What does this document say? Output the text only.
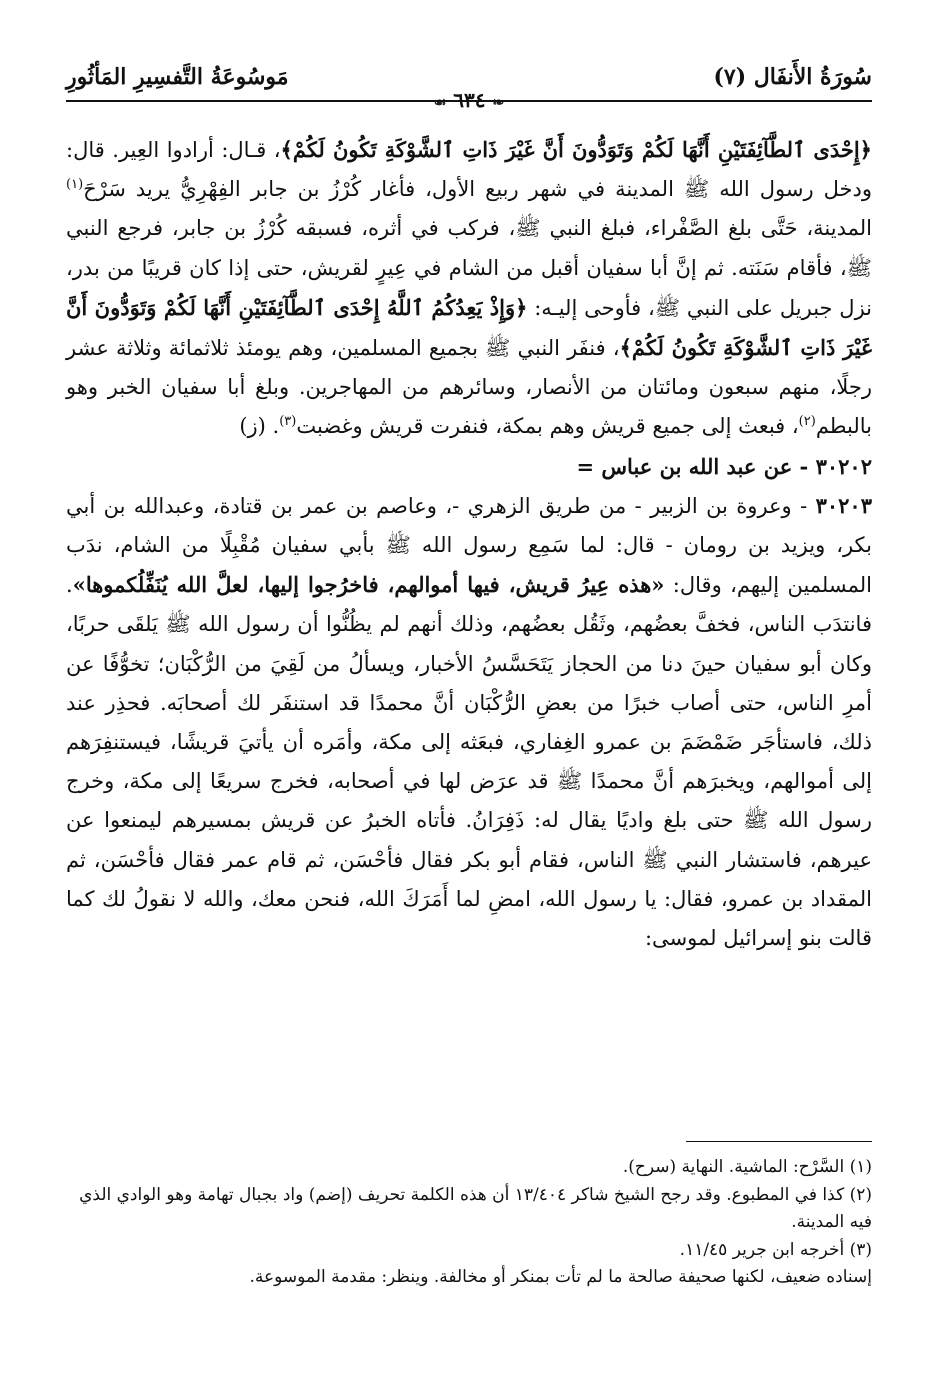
سُورَةُ الأَنفَال (٧)
مَوسُوعَةُ التَّفسِيرِ المَأثُورِ
❧ ٦٣٤ ☙

﴿إِحْدَى ٱلطَّآئِفَتَيْنِ أَنَّهَا لَكُمْ وَتَوَدُّونَ أَنَّ غَيْرَ ذَاتِ ٱلشَّوْكَةِ تَكُونُ لَكُمْ﴾، قـال: أرادوا العِير. قال: ودخل رسول الله ﷺ المدينة في شهر ربيع الأول، فأغار كُرْزُ بن جابر الفِهْرِيُّ يريد سَرْحَ$^{(١)}$ المدينة، حَتَّى بلغ الصَّفْراء، فبلغ النبي ﷺ، فركب في أثره، فسبقه كُرْزُ بن جابر، فرجع النبي ﷺ، فأقام سَنَته. ثم إنَّ أبا سفيان أقبل من الشام في عِيرٍ لقريش، حتى إذا كان قريبًا من بدر، نزل جبريل على النبي ﷺ، فأوحى إليـه: ﴿وَإِذْ يَعِدُكُمُ ٱللَّهُ إِحْدَى ٱلطَّآئِفَتَيْنِ أَنَّهَا لَكُمْ وَتَوَدُّونَ أَنَّ غَيْرَ ذَاتِ ٱلشَّوْكَةِ تَكُونُ لَكُمْ﴾، فنفَر النبي ﷺ بجميع المسلمين، وهم يومئذ ثلاثمائة وثلاثة عشر رجلًا، منهم سبعون ومائتان من الأنصار، وسائرهم من المهاجرين. وبلغ أبا سفيان الخبر وهو بالبطم$^{(٢)}$، فبعث إلى جميع قريش وهم بمكة، فنفرت قريش وغضبت$^{(٣)}$. (ز)

٣٠٢٠٢ - عن عبد الله بن عباس =

٣٠٢٠٣ - وعروة بن الزبير - من طريق الزهري -، وعاصم بن عمر بن قتادة، وعبدالله بن أبي بكر، ويزيد بن رومان - قال: لما سَمِع رسول الله ﷺ بأبي سفيان مُقْبِلًا من الشام، ندَب المسلمين إليهم، وقال: «هذه عِيرُ قريش، فيها أموالهم، فاخرُجوا إليها، لعلَّ الله يُنَفِّلُكموها». فانتدَب الناس، فخفَّ بعضُهم، وثَقُل بعضُهم، وذلك أنهم لم يظُنُّوا أن رسول الله ﷺ يَلقَى حربًا، وكان أبو سفيان حينَ دنا من الحجاز يَتَحَسَّسُ الأخبار، ويسألُ من لَقِيَ من الرُّكْبَان؛ تخوُّفًا عن أمرِ الناس، حتى أصاب خبرًا من بعضِ الرُّكْبَان أنَّ محمدًا قد استنفَر لك أصحابَه. فحذِر عند ذلك، فاستأجَر ضَمْضَمَ بن عمرو الغِفاري، فبعَثه إلى مكة، وأمَره أن يأتيَ قريشًا، فيستنفِرَهم إلى أموالهم، ويخبرَهم أنَّ محمدًا ﷺ قد عرَض لها في أصحابه، فخرج سريعًا إلى مكة، وخرج رسول الله ﷺ حتى بلغ واديًا يقال له: ذَفِرَانُ. فأتاه الخبرُ عن قريش بمسيرهم ليمنعوا عن عيرهم، فاستشار النبي ﷺ الناس، فقام أبو بكر فقال فأحْسَن، ثم قام عمر فقال فأحْسَن، ثم المقداد بن عمرو، فقال: يا رسول الله، امضِ لما أَمَرَكَ الله، فنحن معك، والله لا نقولُ لك كما قالت بنو إسرائيل لموسى:

(١) السَّرْح: الماشية. النهاية (سرح).
(٢) كذا في المطبوع. وقد رجح الشيخ شاكر ١٣/٤٠٤ أن هذه الكلمة تحريف (إضم) واد بجبال تهامة وهو الوادي الذي فيه المدينة.
(٣) أخرجه ابن جرير ١١/٤٥.
إسناده ضعيف، لكنها صحيفة صالحة ما لم تأت بمنكر أو مخالفة. وينظر: مقدمة الموسوعة.
